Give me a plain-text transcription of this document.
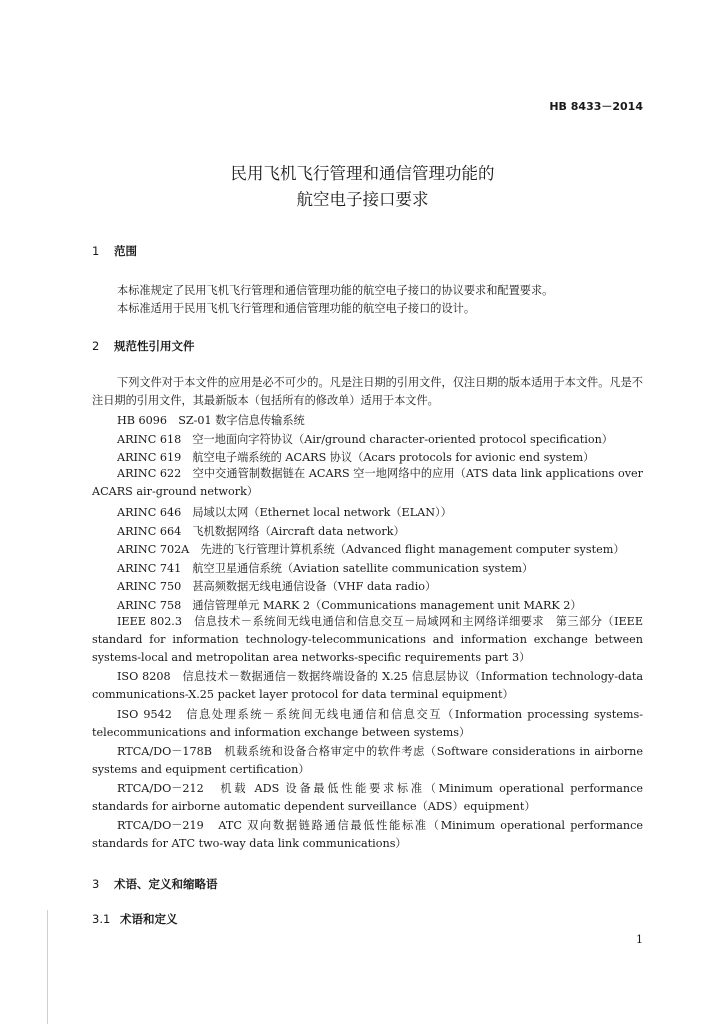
HB 8433－2014
民用飞机飞行管理和通信管理功能的
航空电子接口要求
1 范围
本标准规定了民用飞机飞行管理和通信管理功能的航空电子接口的协议要求和配置要求。
本标准适用于民用飞机飞行管理和通信管理功能的航空电子接口的设计。
2 规范性引用文件
下列文件对于本文件的应用是必不可少的。凡是注日期的引用文件，仅注日期的版本适用于本文件。凡是不注日期的引用文件，其最新版本（包括所有的修改单）适用于本文件。
HB 6096　SZ-01 数字信息传输系统
ARINC 618　空一地面向字符协议（Air/ground character-oriented protocol specification）
ARINC 619　航空电子端系统的 ACARS 协议（Acars protocols for avionic end system）
ARINC 622　空中交通管制数据链在 ACARS 空一地网络中的应用（ATS data link applications over ACARS air-ground network）
ARINC 646　局域以太网（Ethernet local network（ELAN））
ARINC 664　飞机数据网络（Aircraft data network）
ARINC 702A　先进的飞行管理计算机系统（Advanced flight management computer system）
ARINC 741　航空卫星通信系统（Aviation satellite communication system）
ARINC 750　甚高频数据无线电通信设备（VHF data radio）
ARINC 758　通信管理单元 MARK 2（Communications management unit MARK 2）
IEEE 802.3　信息技术－系统间无线电通信和信息交互－局域网和主网络详细要求　第三部分（IEEE standard for information technology-telecommunications and information exchange between systems-local and metropolitan area networks-specific requirements part 3）
ISO 8208　信息技术－数据通信－数据终端设备的 X.25 信息层协议（Information technology-data communications-X.25 packet layer protocol for data terminal equipment）
ISO 9542　信息处理系统－系统间无线电通信和信息交互（Information processing systems-telecommunications and information exchange between systems）
RTCA/DO－178B　机载系统和设备合格审定中的软件考虑（Software considerations in airborne systems and equipment certification）
RTCA/DO－212　机载 ADS 设备最低性能要求标准（Minimum operational performance standards for airborne automatic dependent surveillance（ADS）equipment）
RTCA/DO－219　ATC 双向数据链路通信最低性能标准（Minimum operational performance standards for ATC two-way data link communications）
3 术语、定义和缩略语
3.1 术语和定义
1
